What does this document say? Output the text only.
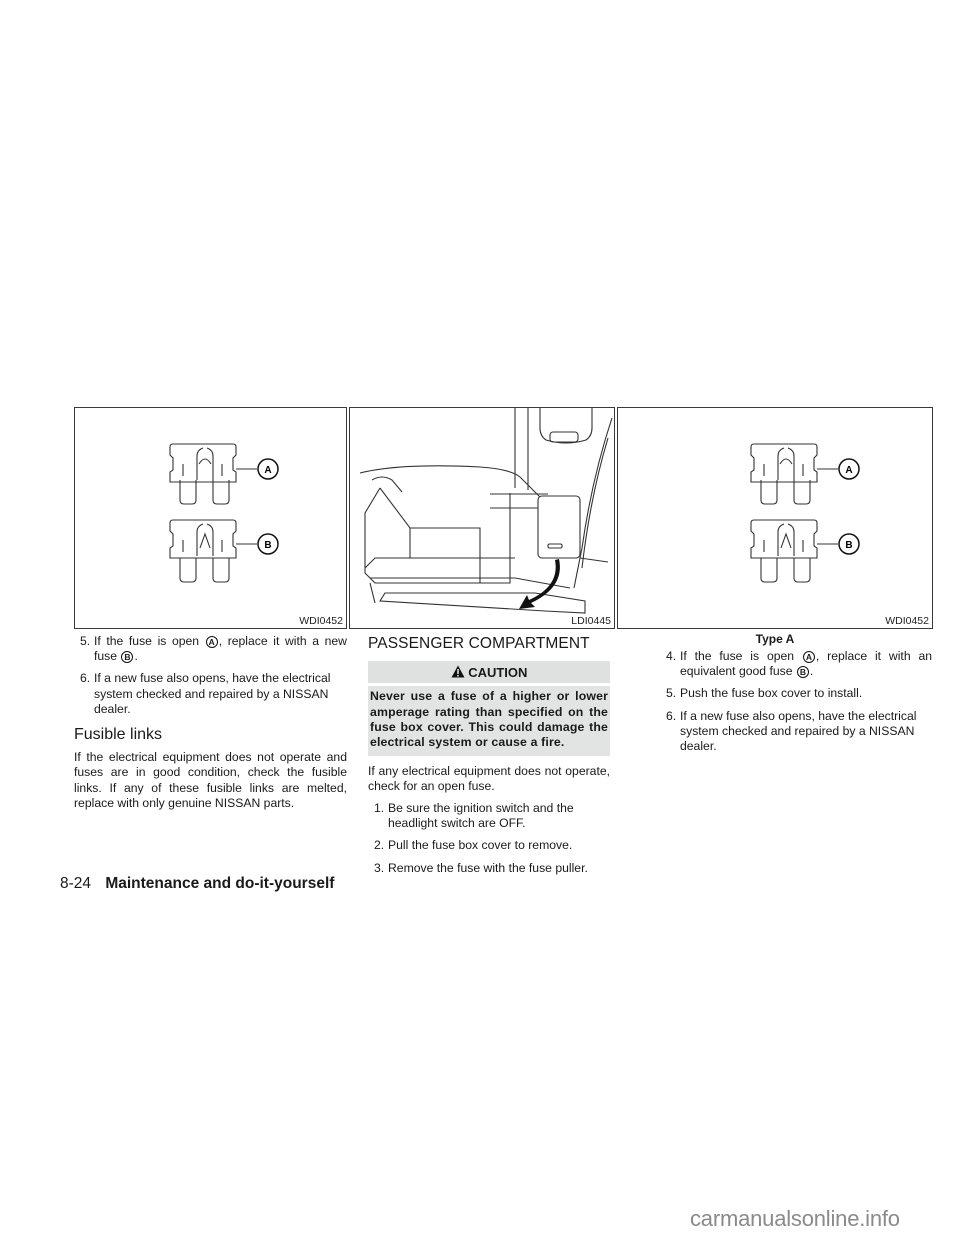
A
B
WDI0452	LDI0445
A
B
WDI0452
Type A
5. If the fuse is open A , replace it with a new fuse B .
6. If a new fuse also opens, have the electrical system checked and repaired by a NISSAN dealer.
Fusible links

If the electrical equipment does not operate and fuses are in good condition, check the fusible links. If any of these fusible links are melted, replace with only genuine NISSAN parts.

PASSENGER COMPARTMENT
CAUTION
Never use a fuse of a higher or lower amperage rating than specified on the fuse box cover. This could damage the electrical system or cause a fire.

If any electrical equipment does not operate, check for an open fuse.

1. Be sure the ignition switch and the headlight switch are OFF.
2. Pull the fuse box cover to remove.
3. Remove the fuse with the fuse puller.
4. If the fuse is open A , replace it with an equivalent good fuse B .
5. Push the fuse box cover to install.
6. If a new fuse also opens, have the electrical system checked and repaired by a NISSAN dealer.
8-24 Maintenance and do-it-yourself
carmanualsonline.info
